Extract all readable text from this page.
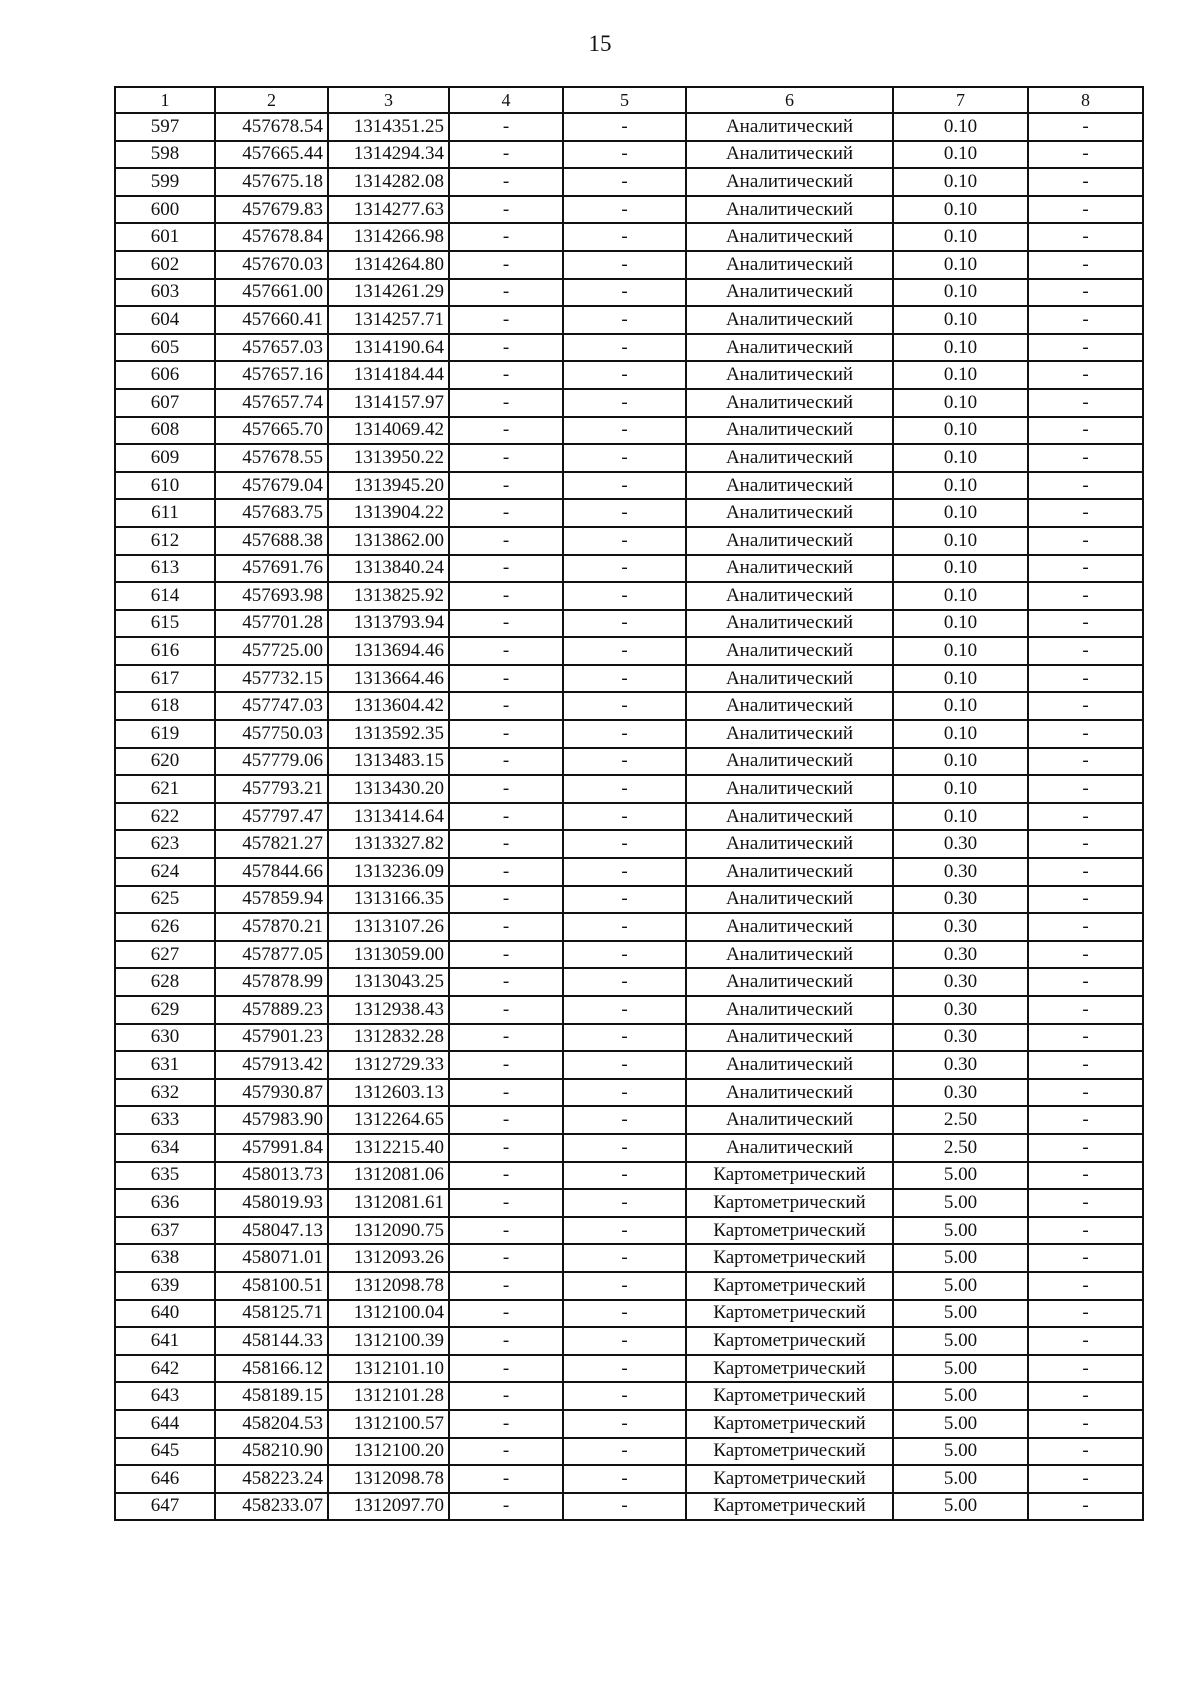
15
1	2	3	4	5	6	7	8
597	457678.54	1314351.25	-	-	Аналитический	0.10	-
598	457665.44	1314294.34	-	-	Аналитический	0.10	-
599	457675.18	1314282.08	-	-	Аналитический	0.10	-
600	457679.83	1314277.63	-	-	Аналитический	0.10	-
601	457678.84	1314266.98	-	-	Аналитический	0.10	-
602	457670.03	1314264.80	-	-	Аналитический	0.10	-
603	457661.00	1314261.29	-	-	Аналитический	0.10	-
604	457660.41	1314257.71	-	-	Аналитический	0.10	-
605	457657.03	1314190.64	-	-	Аналитический	0.10	-
606	457657.16	1314184.44	-	-	Аналитический	0.10	-
607	457657.74	1314157.97	-	-	Аналитический	0.10	-
608	457665.70	1314069.42	-	-	Аналитический	0.10	-
609	457678.55	1313950.22	-	-	Аналитический	0.10	-
610	457679.04	1313945.20	-	-	Аналитический	0.10	-
611	457683.75	1313904.22	-	-	Аналитический	0.10	-
612	457688.38	1313862.00	-	-	Аналитический	0.10	-
613	457691.76	1313840.24	-	-	Аналитический	0.10	-
614	457693.98	1313825.92	-	-	Аналитический	0.10	-
615	457701.28	1313793.94	-	-	Аналитический	0.10	-
616	457725.00	1313694.46	-	-	Аналитический	0.10	-
617	457732.15	1313664.46	-	-	Аналитический	0.10	-
618	457747.03	1313604.42	-	-	Аналитический	0.10	-
619	457750.03	1313592.35	-	-	Аналитический	0.10	-
620	457779.06	1313483.15	-	-	Аналитический	0.10	-
621	457793.21	1313430.20	-	-	Аналитический	0.10	-
622	457797.47	1313414.64	-	-	Аналитический	0.10	-
623	457821.27	1313327.82	-	-	Аналитический	0.30	-
624	457844.66	1313236.09	-	-	Аналитический	0.30	-
625	457859.94	1313166.35	-	-	Аналитический	0.30	-
626	457870.21	1313107.26	-	-	Аналитический	0.30	-
627	457877.05	1313059.00	-	-	Аналитический	0.30	-
628	457878.99	1313043.25	-	-	Аналитический	0.30	-
629	457889.23	1312938.43	-	-	Аналитический	0.30	-
630	457901.23	1312832.28	-	-	Аналитический	0.30	-
631	457913.42	1312729.33	-	-	Аналитический	0.30	-
632	457930.87	1312603.13	-	-	Аналитический	0.30	-
633	457983.90	1312264.65	-	-	Аналитический	2.50	-
634	457991.84	1312215.40	-	-	Аналитический	2.50	-
635	458013.73	1312081.06	-	-	Картометрический	5.00	-
636	458019.93	1312081.61	-	-	Картометрический	5.00	-
637	458047.13	1312090.75	-	-	Картометрический	5.00	-
638	458071.01	1312093.26	-	-	Картометрический	5.00	-
639	458100.51	1312098.78	-	-	Картометрический	5.00	-
640	458125.71	1312100.04	-	-	Картометрический	5.00	-
641	458144.33	1312100.39	-	-	Картометрический	5.00	-
642	458166.12	1312101.10	-	-	Картометрический	5.00	-
643	458189.15	1312101.28	-	-	Картометрический	5.00	-
644	458204.53	1312100.57	-	-	Картометрический	5.00	-
645	458210.90	1312100.20	-	-	Картометрический	5.00	-
646	458223.24	1312098.78	-	-	Картометрический	5.00	-
647	458233.07	1312097.70	-	-	Картометрический	5.00	-
